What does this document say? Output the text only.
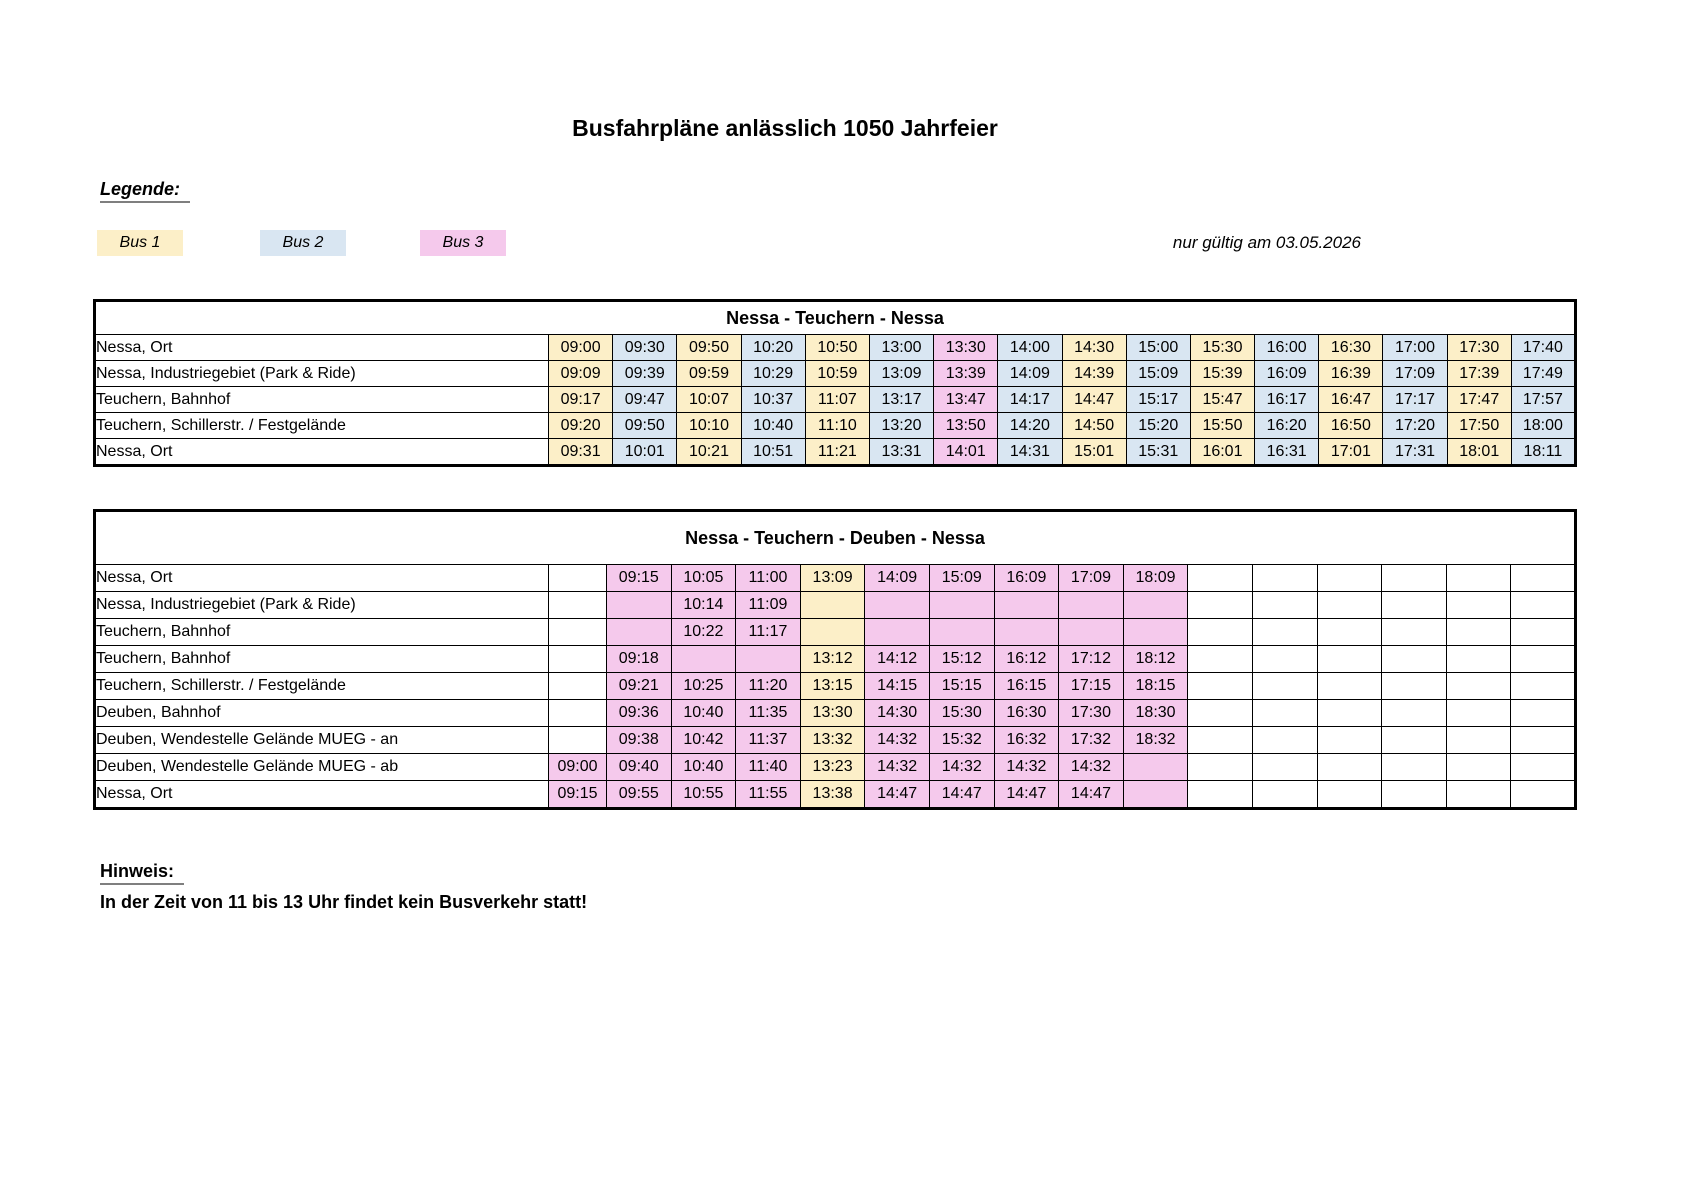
Busfahrpläne anlässlich 1050 Jahrfeier
Legende:
Bus 1	Bus 2	Bus 3	nur gültig am 03.05.2026
Nessa - Teuchern - Nessa																
Nessa, Ort	09:00	09:30	09:50	10:20	10:50	13:00	13:30	14:00	14:30	15:00	15:30	16:00	16:30	17:00	17:30	17:40
Nessa, Industriegebiet (Park & Ride)	09:09	09:39	09:59	10:29	10:59	13:09	13:39	14:09	14:39	15:09	15:39	16:09	16:39	17:09	17:39	17:49
Teuchern, Bahnhof	09:17	09:47	10:07	10:37	11:07	13:17	13:47	14:17	14:47	15:17	15:47	16:17	16:47	17:17	17:47	17:57
Teuchern, Schillerstr. / Festgelände	09:20	09:50	10:10	10:40	11:10	13:20	13:50	14:20	14:50	15:20	15:50	16:20	16:50	17:20	17:50	18:00
Nessa, Ort	09:31	10:01	10:21	10:51	11:21	13:31	14:01	14:31	15:01	15:31	16:01	16:31	17:01	17:31	18:01	18:11
Nessa - Teuchern - Deuben - Nessa																
Nessa, Ort		09:15	10:05	11:00	13:09	14:09	15:09	16:09	17:09	18:09						
Nessa, Industriegebiet (Park & Ride)			10:14	11:09												
Teuchern, Bahnhof			10:22	11:17												
Teuchern, Bahnhof		09:18			13:12	14:12	15:12	16:12	17:12	18:12						
Teuchern, Schillerstr. / Festgelände		09:21	10:25	11:20	13:15	14:15	15:15	16:15	17:15	18:15						
Deuben, Bahnhof		09:36	10:40	11:35	13:30	14:30	15:30	16:30	17:30	18:30						
Deuben, Wendestelle Gelände MUEG - an		09:38	10:42	11:37	13:32	14:32	15:32	16:32	17:32	18:32						
Deuben, Wendestelle Gelände MUEG - ab	09:00	09:40	10:40	11:40	13:23	14:32	14:32	14:32	14:32							
Nessa, Ort	09:15	09:55	10:55	11:55	13:38	14:47	14:47	14:47	14:47							
Hinweis:
In der Zeit von 11 bis 13 Uhr findet kein Busverkehr statt!
